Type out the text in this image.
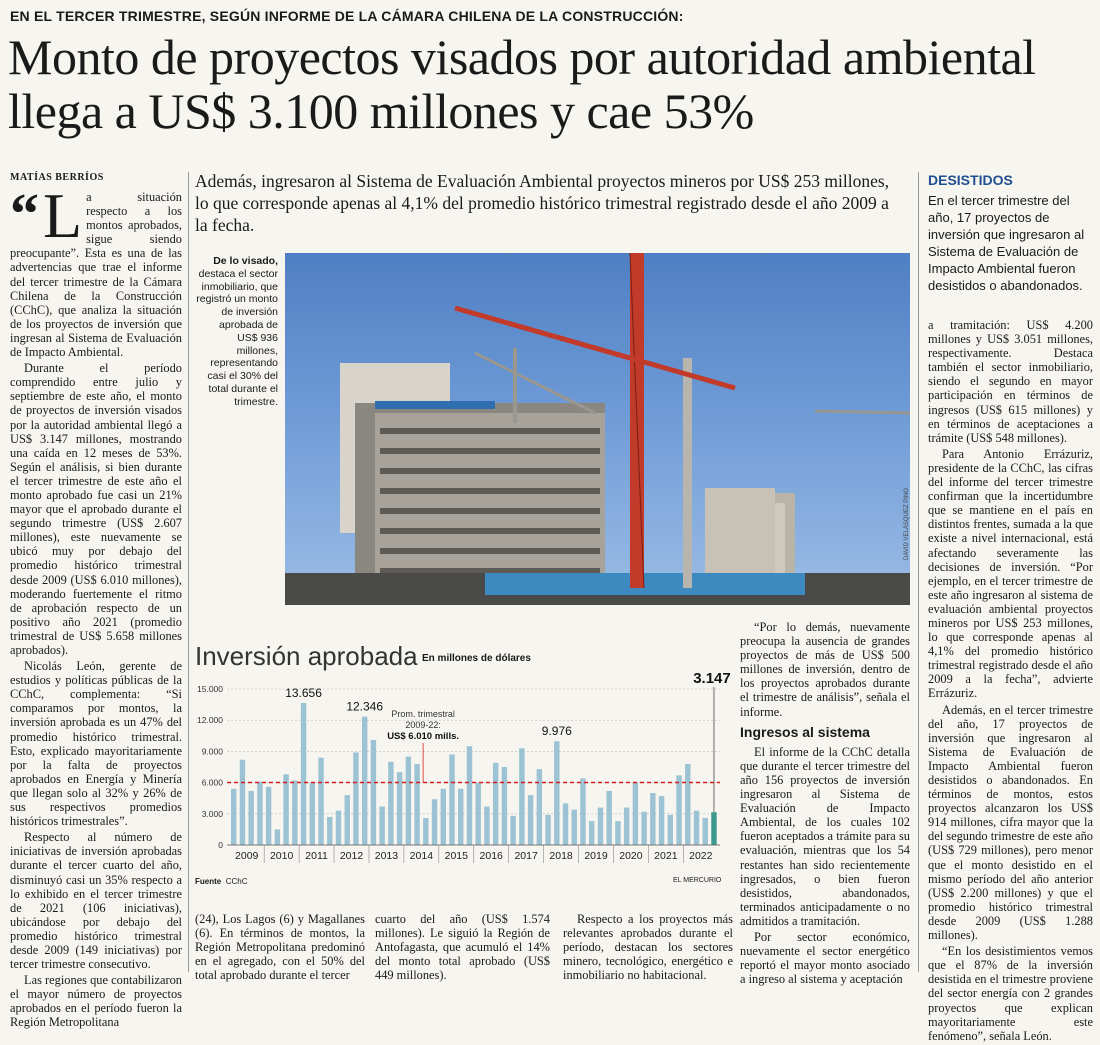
EN EL TERCER TRIMESTRE, SEGÚN INFORME DE LA CÁMARA CHILENA DE LA CONSTRUCCIÓN:
Monto de proyectos visados por autoridad ambiental llega a US$ 3.100 millones y cae 53%
MATÍAS BERRÍOS

“ L a situación respecto a los montos aprobados, sigue siendo preocupante”. Esta es una de las advertencias que trae el informe del tercer trimestre de la Cámara Chilena de la Construcción (CChC), que analiza la situación de los proyectos de inversión que ingresan al Sistema de Evaluación de Impacto Ambiental.

Durante el período comprendido entre julio y septiembre de este año, el monto de proyectos de inversión visados por la autoridad ambiental llegó a US$ 3.147 millones, mostrando una caída en 12 meses de 53%. Según el análisis, si bien durante el tercer trimestre de este año el monto aprobado fue casi un 21% mayor que el aprobado durante el segundo trimestre (US$ 2.607 millones), este nuevamente se ubicó muy por debajo del promedio histórico trimestral desde 2009 (US$ 6.010 millones), moderando fuertemente el ritmo de aprobación respecto de un positivo año 2021 (promedio trimestral de US$ 5.658 millones aprobados).

Nicolás León, gerente de estudios y políticas públicas de la CChC, complementa: “Si comparamos por montos, la inversión aprobada es un 47% del promedio histórico trimestral. Esto, explicado mayoritariamente por la falta de proyectos aprobados en Energía y Minería que llegan solo al 32% y 26% de sus respectivos promedios históricos trimestrales”.

Respecto al número de iniciativas de inversión aprobadas durante el tercer cuarto del año, disminuyó casi un 35% respecto a lo exhibido en el tercer trimestre de 2021 (106 iniciativas), ubicándose por debajo del promedio histórico trimestral desde 2009 (149 iniciativas) por tercer trimestre consecutivo.

Las regiones que contabilizaron el mayor número de proyectos aprobados en el período fueron la Región Metropolitana

Además, ingresaron al Sistema de Evaluación Ambiental proyectos mineros por US$ 253 millones, lo que corresponde apenas al 4,1% del promedio histórico trimestral registrado desde el año 2009 a la fecha.
De lo visado, destaca el sector inmobiliario, que registró un monto de inversión aprobada de US$ 936 millones, representando casi el 30% del total durante el trimestre.
DAVID VELÁSQUEZ PINO
Inversión aprobada En millones de dólares
0
3.000
6.000
9.000
12.000
15.000
2009 2010 2011 2012 2013 2014 2015 2016 2017 2018 2019 2020 2021 2022
Prom. trimestral
2009-22:
US$ 6.010 mills.
13.656
12.346
9.976
3.147
Fuente CChC	EL MERCURIO

(24), Los Lagos (6) y Magallanes (6). En términos de montos, la Región Metropolitana predominó en el agregado, con el 50% del total aprobado durante el tercer

cuarto del año (US$ 1.574 millones). Le siguió la Región de Antofagasta, que acumuló el 14% del monto total aprobado (US$ 449 millones).

Respecto a los proyectos más relevantes aprobados durante el período, destacan los sectores minero, tecnológico, energético e inmobiliario no habitacional.

“Por lo demás, nuevamente preocupa la ausencia de grandes proyectos de más de US$ 500 millones de inversión, dentro de los proyectos aprobados durante el trimestre de análisis”, señala el informe.

Ingresos al sistema

El informe de la CChC detalla que durante el tercer trimestre del año 156 proyectos de inversión ingresaron al Sistema de Evaluación de Impacto Ambiental, de los cuales 102 fueron aceptados a trámite para su evaluación, mientras que los 54 restantes han sido recientemente ingresados, o bien fueron desistidos, abandonados, terminados anticipadamente o no admitidos a tramitación.

Por sector económico, nuevamente el sector energético reportó el mayor monto asociado a ingreso al sistema y aceptación

DESISTIDOS
En el tercer trimestre del año, 17 proyectos de inversión que ingresaron al Sistema de Evaluación de Impacto Ambiental fueron desistidos o abandonados.

a tramitación: US$ 4.200 millones y US$ 3.051 millones, respectivamente. Destaca también el sector inmobiliario, siendo el segundo en mayor participación en términos de ingresos (US$ 615 millones) y en términos de aceptaciones a trámite (US$ 548 millones).

Para Antonio Errázuriz, presidente de la CChC, las cifras del informe del tercer trimestre confirman que la incertidumbre que se mantiene en el país en distintos frentes, sumada a la que existe a nivel internacional, está afectando severamente las decisiones de inversión. “Por ejemplo, en el tercer trimestre de este año ingresaron al sistema de evaluación ambiental proyectos mineros por US$ 253 millones, lo que corresponde apenas al 4,1% del promedio histórico trimestral registrado desde el año 2009 a la fecha”, advierte Errázuriz.

Además, en el tercer trimestre del año, 17 proyectos de inversión que ingresaron al Sistema de Evaluación de Impacto Ambiental fueron desistidos o abandonados. En términos de montos, estos proyectos alcanzaron los US$ 914 millones, cifra mayor que la del segundo trimestre de este año (US$ 729 millones), pero menor que el monto desistido en el mismo período del año anterior (US$ 2.200 millones) y que el promedio histórico trimestral desde 2009 (US$ 1.288 millones).

“En los desistimientos vemos que el 87% de la inversión desistida en el trimestre proviene del sector energía con 2 grandes proyectos que explican mayoritariamente este fenómeno”, señala León.
